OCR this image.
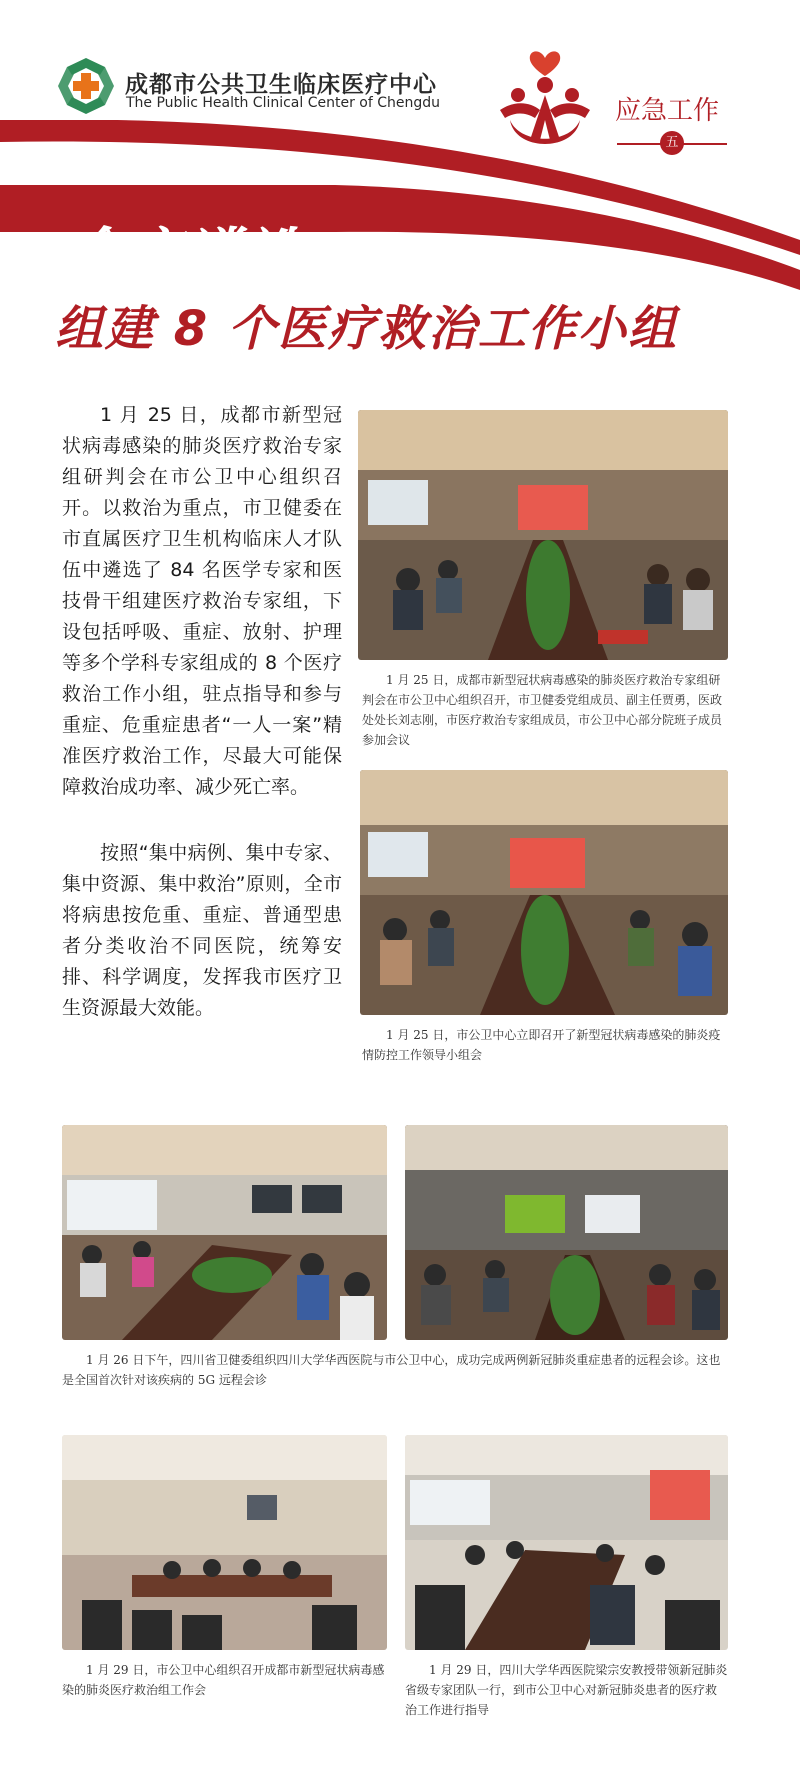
成都市公共卫生临床医疗中心
The Public Health Clinical Center of Chengdu	应急工作
五
全市遴选
组建 8 个医疗救治工作小组
1 月 25 日，成都市新型冠状病毒感染的肺炎医疗救治专家组研判会在市公卫中心组织召开。以救治为重点，市卫健委在市直属医疗卫生机构临床人才队伍中遴选了 84 名医学专家和医技骨干组建医疗救治专家组，下设包括呼吸、重症、放射、护理等多个学科专家组成的 8 个医疗救治工作小组，驻点指导和参与重症、危重症患者“一人一案”精准医疗救治工作，尽最大可能保障救治成功率、减少死亡率。
按照“集中病例、集中专家、集中资源、集中救治”原则，全市将病患按危重、重症、普通型患者分类收治不同医院，统筹安排、科学调度，发挥我市医疗卫生资源最大效能。
1 月 25 日，成都市新型冠状病毒感染的肺炎医疗救治专家组研判会在市公卫中心组织召开，市卫健委党组成员、副主任贾勇，医政处处长刘志刚，市医疗救治专家组成员，市公卫中心部分院班子成员参加会议
1 月 25 日，市公卫中心立即召开了新型冠状病毒感染的肺炎疫情防控工作领导小组会
1 月 26 日下午，四川省卫健委组织四川大学华西医院与市公卫中心，成功完成两例新冠肺炎重症患者的远程会诊。这也是全国首次针对该疾病的 5G 远程会诊
1 月 29 日，市公卫中心组织召开成都市新型冠状病毒感染的肺炎医疗救治组工作会
1 月 29 日，四川大学华西医院梁宗安教授带领新冠肺炎省级专家团队一行，到市公卫中心对新冠肺炎患者的医疗救治工作进行指导
